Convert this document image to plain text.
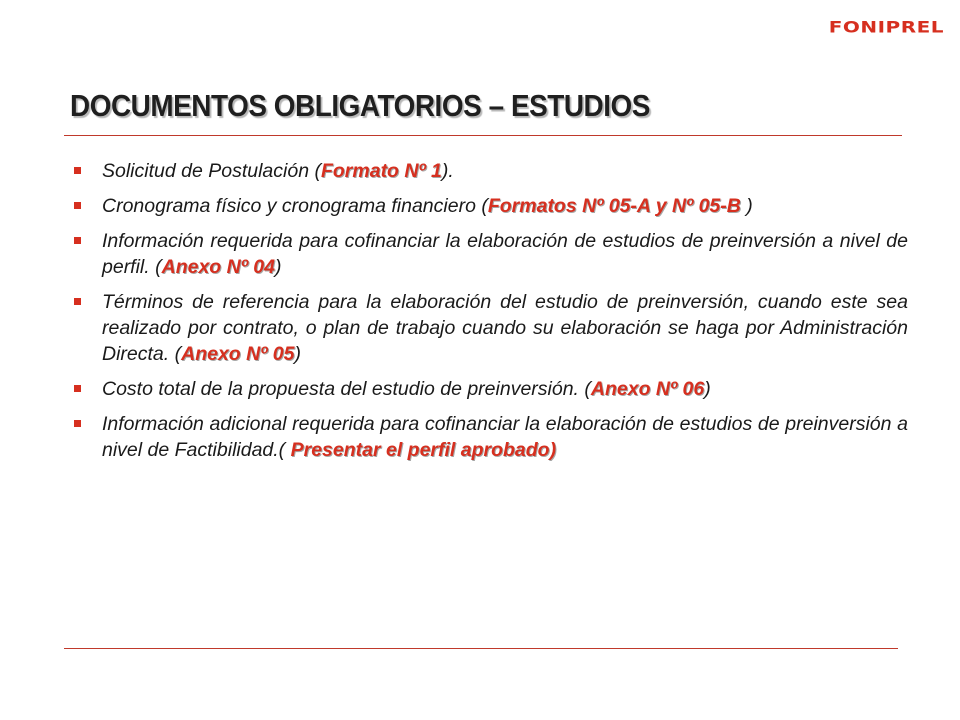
FONIPREL
DOCUMENTOS OBLIGATORIOS – ESTUDIOS
Solicitud de Postulación (Formato Nº 1).
Cronograma físico y cronograma financiero (Formatos Nº 05-A y Nº 05-B )
Información requerida para cofinanciar la elaboración de estudios de preinversión a nivel de perfil. (Anexo Nº 04)
Términos de referencia para la elaboración del estudio de preinversión, cuando este sea realizado por contrato, o plan de trabajo cuando su elaboración se haga por Administración Directa. (Anexo Nº 05)
Costo total de la propuesta del estudio de preinversión. (Anexo Nº 06)
Información adicional requerida para cofinanciar la elaboración de estudios de preinversión a nivel de Factibilidad.( Presentar el perfil aprobado)
